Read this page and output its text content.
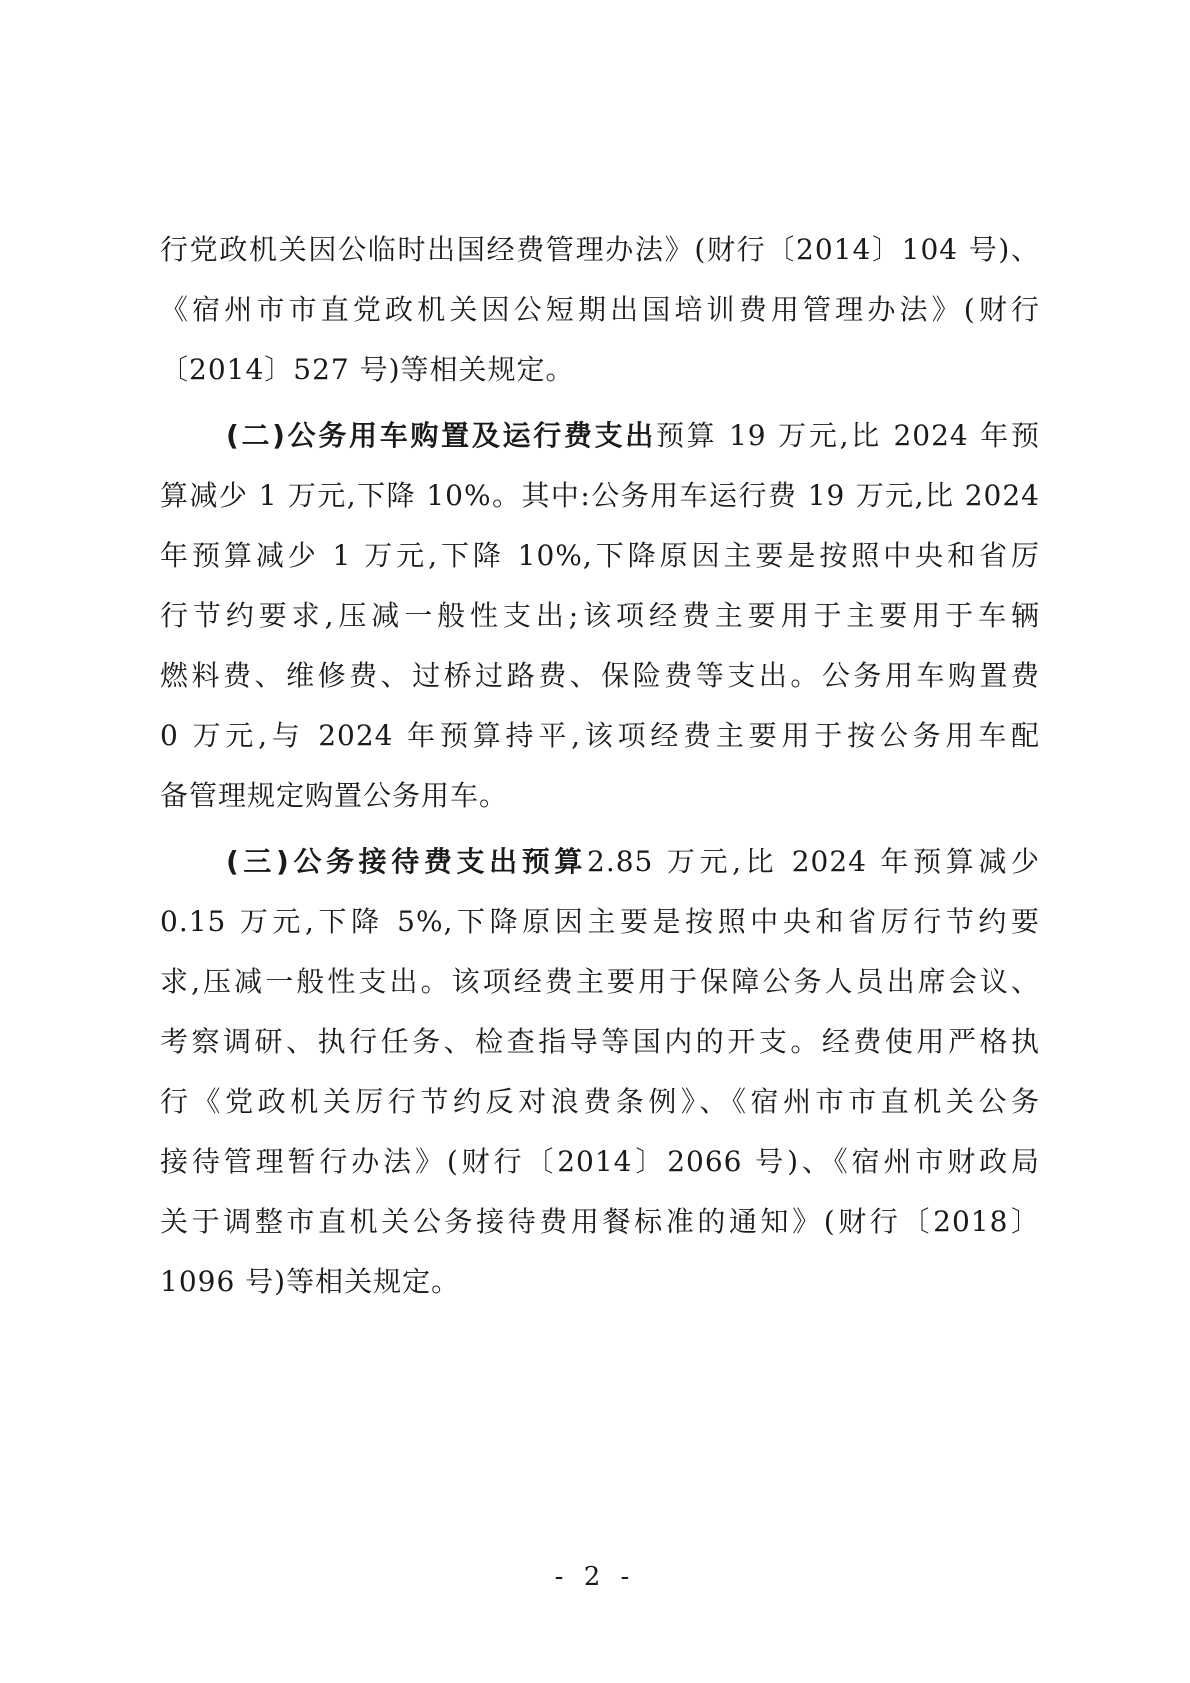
行党政机关因公临时出国经费管理办法》(财行〔2014〕104 号)、
《宿州市市直党政机关因公短期出国培训费用管理办法》(财行
〔2014〕527 号)等相关规定。
(二)公务用车购置及运行费支出预算 19 万元,比 2024 年预
算减少 1 万元,下降 10%。其中:公务用车运行费 19 万元,比 2024
年预算减少 1 万元,下降 10%,下降原因主要是按照中央和省厉
行节约要求,压减一般性支出;该项经费主要用于主要用于车辆
燃料费、维修费、过桥过路费、保险费等支出。公务用车购置费
0 万元,与 2024 年预算持平,该项经费主要用于按公务用车配
备管理规定购置公务用车。
(三)公务接待费支出预算2.85 万元,比 2024 年预算减少
0.15 万元,下降 5%,下降原因主要是按照中央和省厉行节约要
求,压减一般性支出。该项经费主要用于保障公务人员出席会议、
考察调研、执行任务、检查指导等国内的开支。经费使用严格执
行《党政机关厉行节约反对浪费条例》、《宿州市市直机关公务
接待管理暂行办法》(财行〔2014〕2066 号)、《宿州市财政局
关于调整市直机关公务接待费用餐标准的通知》(财行〔2018〕
1096 号)等相关规定。
- 2 -
